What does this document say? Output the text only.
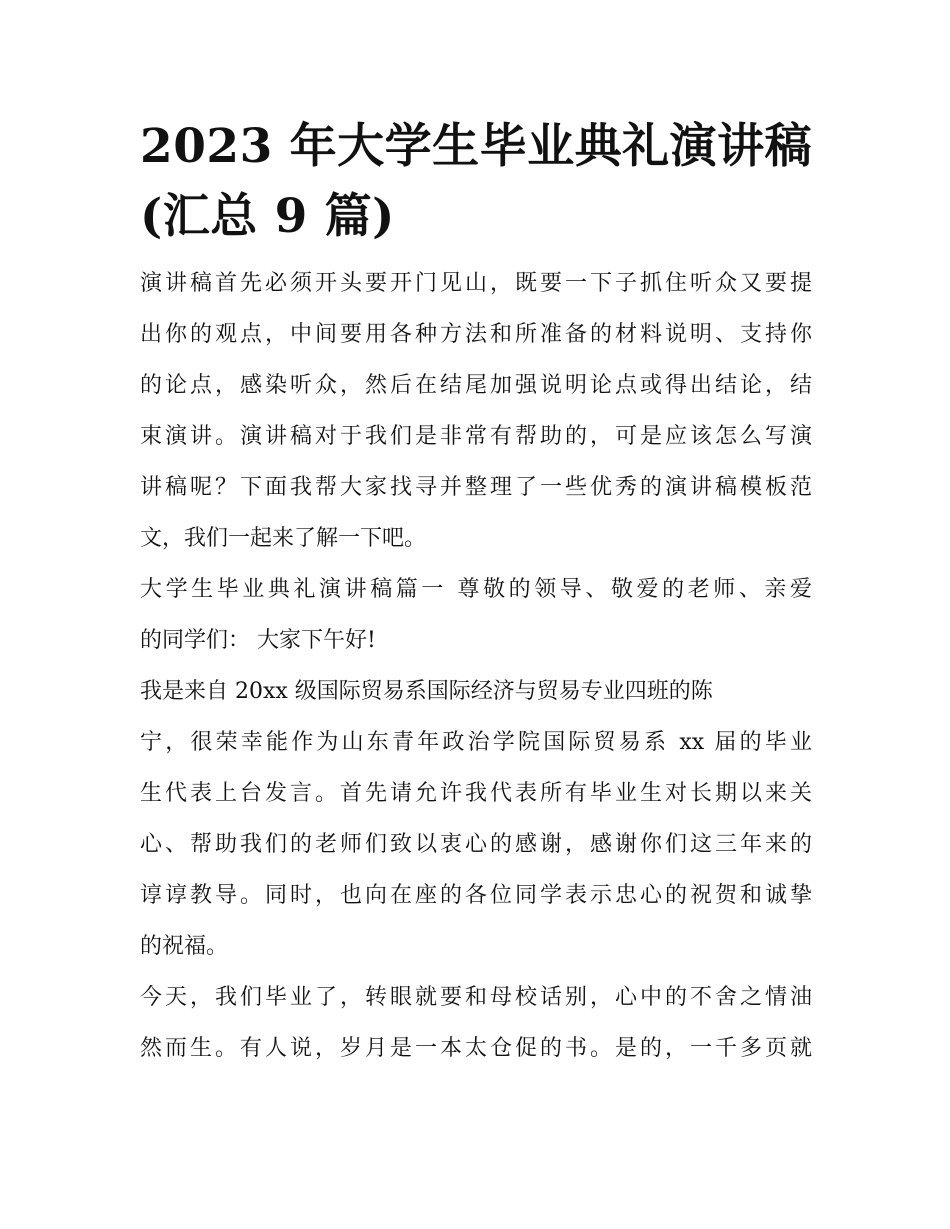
2023 年大学生毕业典礼演讲稿
(汇总 9 篇)

演讲稿首先必须开头要开门见山，既要一下子抓住听众又要提
出你的观点，中间要用各种方法和所准备的材料说明、支持你
的论点，感染听众，然后在结尾加强说明论点或得出结论，结
束演讲。演讲稿对于我们是非常有帮助的，可是应该怎么写演
讲稿呢？下面我帮大家找寻并整理了一些优秀的演讲稿模板范
文，我们一起来了解一下吧。

大学生毕业典礼演讲稿篇一 尊敬的领导、敬爱的老师、亲爱
的同学们： 大家下午好!

我是来自 20xx 级国际贸易系国际经济与贸易专业四班的陈
宁，很荣幸能作为山东青年政治学院国际贸易系 xx 届的毕业
生代表上台发言。首先请允许我代表所有毕业生对长期以来关
心、帮助我们的老师们致以衷心的感谢，感谢你们这三年来的
谆谆教导。同时，也向在座的各位同学表示忠心的祝贺和诚挚
的祝福。

今天，我们毕业了，转眼就要和母校话别，心中的不舍之情油
然而生。有人说，岁月是一本太仓促的书。是的，一千多页就
